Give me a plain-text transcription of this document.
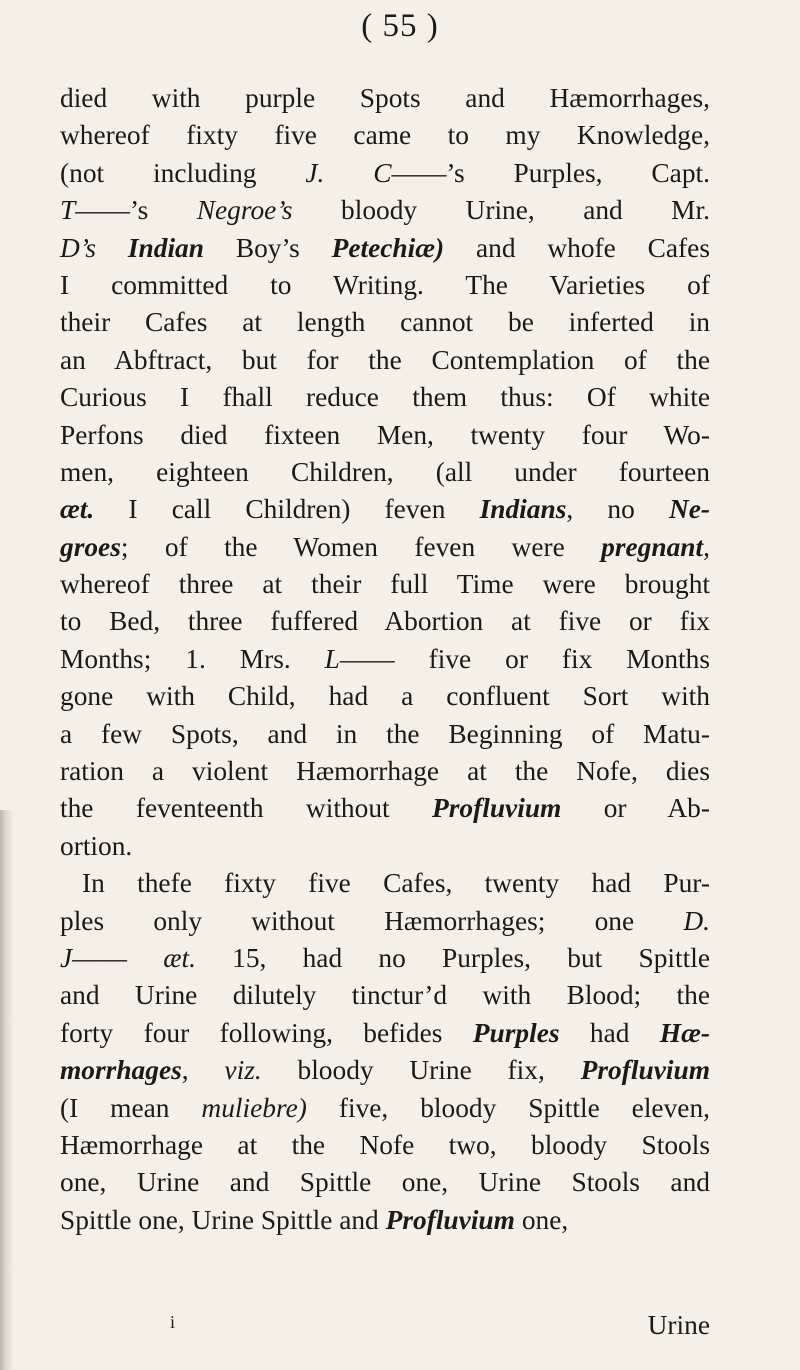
( 55 )
died with purple Spots and Hæmorrhages,
whereof fixty five came to my Knowledge,
(not including J. C——’s Purples, Capt.
T——’s Negroe’s bloody Urine, and Mr.
D’s Indian Boy’s Petechiæ) and whofe Cafes
I committed to Writing. The Varieties of
their Cafes at length cannot be inferted in
an Abftract, but for the Contemplation of the
Curious I fhall reduce them thus: Of white
Perfons died fixteen Men, twenty four Wo-
men, eighteen Children, (all under fourteen
æt. I call Children) feven Indians, no Ne-
groes; of the Women feven were pregnant,
whereof three at their full Time were brought
to Bed, three fuffered Abortion at five or fix
Months; 1. Mrs. L—— five or fix Months
gone with Child, had a confluent Sort with
a few Spots, and in the Beginning of Matu-
ration a violent Hæmorrhage at the Nofe, dies
the feventeenth without Profluvium or Ab-
ortion.
In thefe fixty five Cafes, twenty had Pur-
ples only without Hæmorrhages; one D.
J—— æt. 15, had no Purples, but Spittle
and Urine dilutely tinctur’d with Blood; the
forty four following, befides Purples had Hæ-
morrhages, viz. bloody Urine fix, Profluvium
(I mean muliebre) five, bloody Spittle eleven,
Hæmorrhage at the Nofe two, bloody Stools
one, Urine and Spittle one, Urine Stools and
Spittle one, Urine Spittle and Profluvium one,
i	Urine
